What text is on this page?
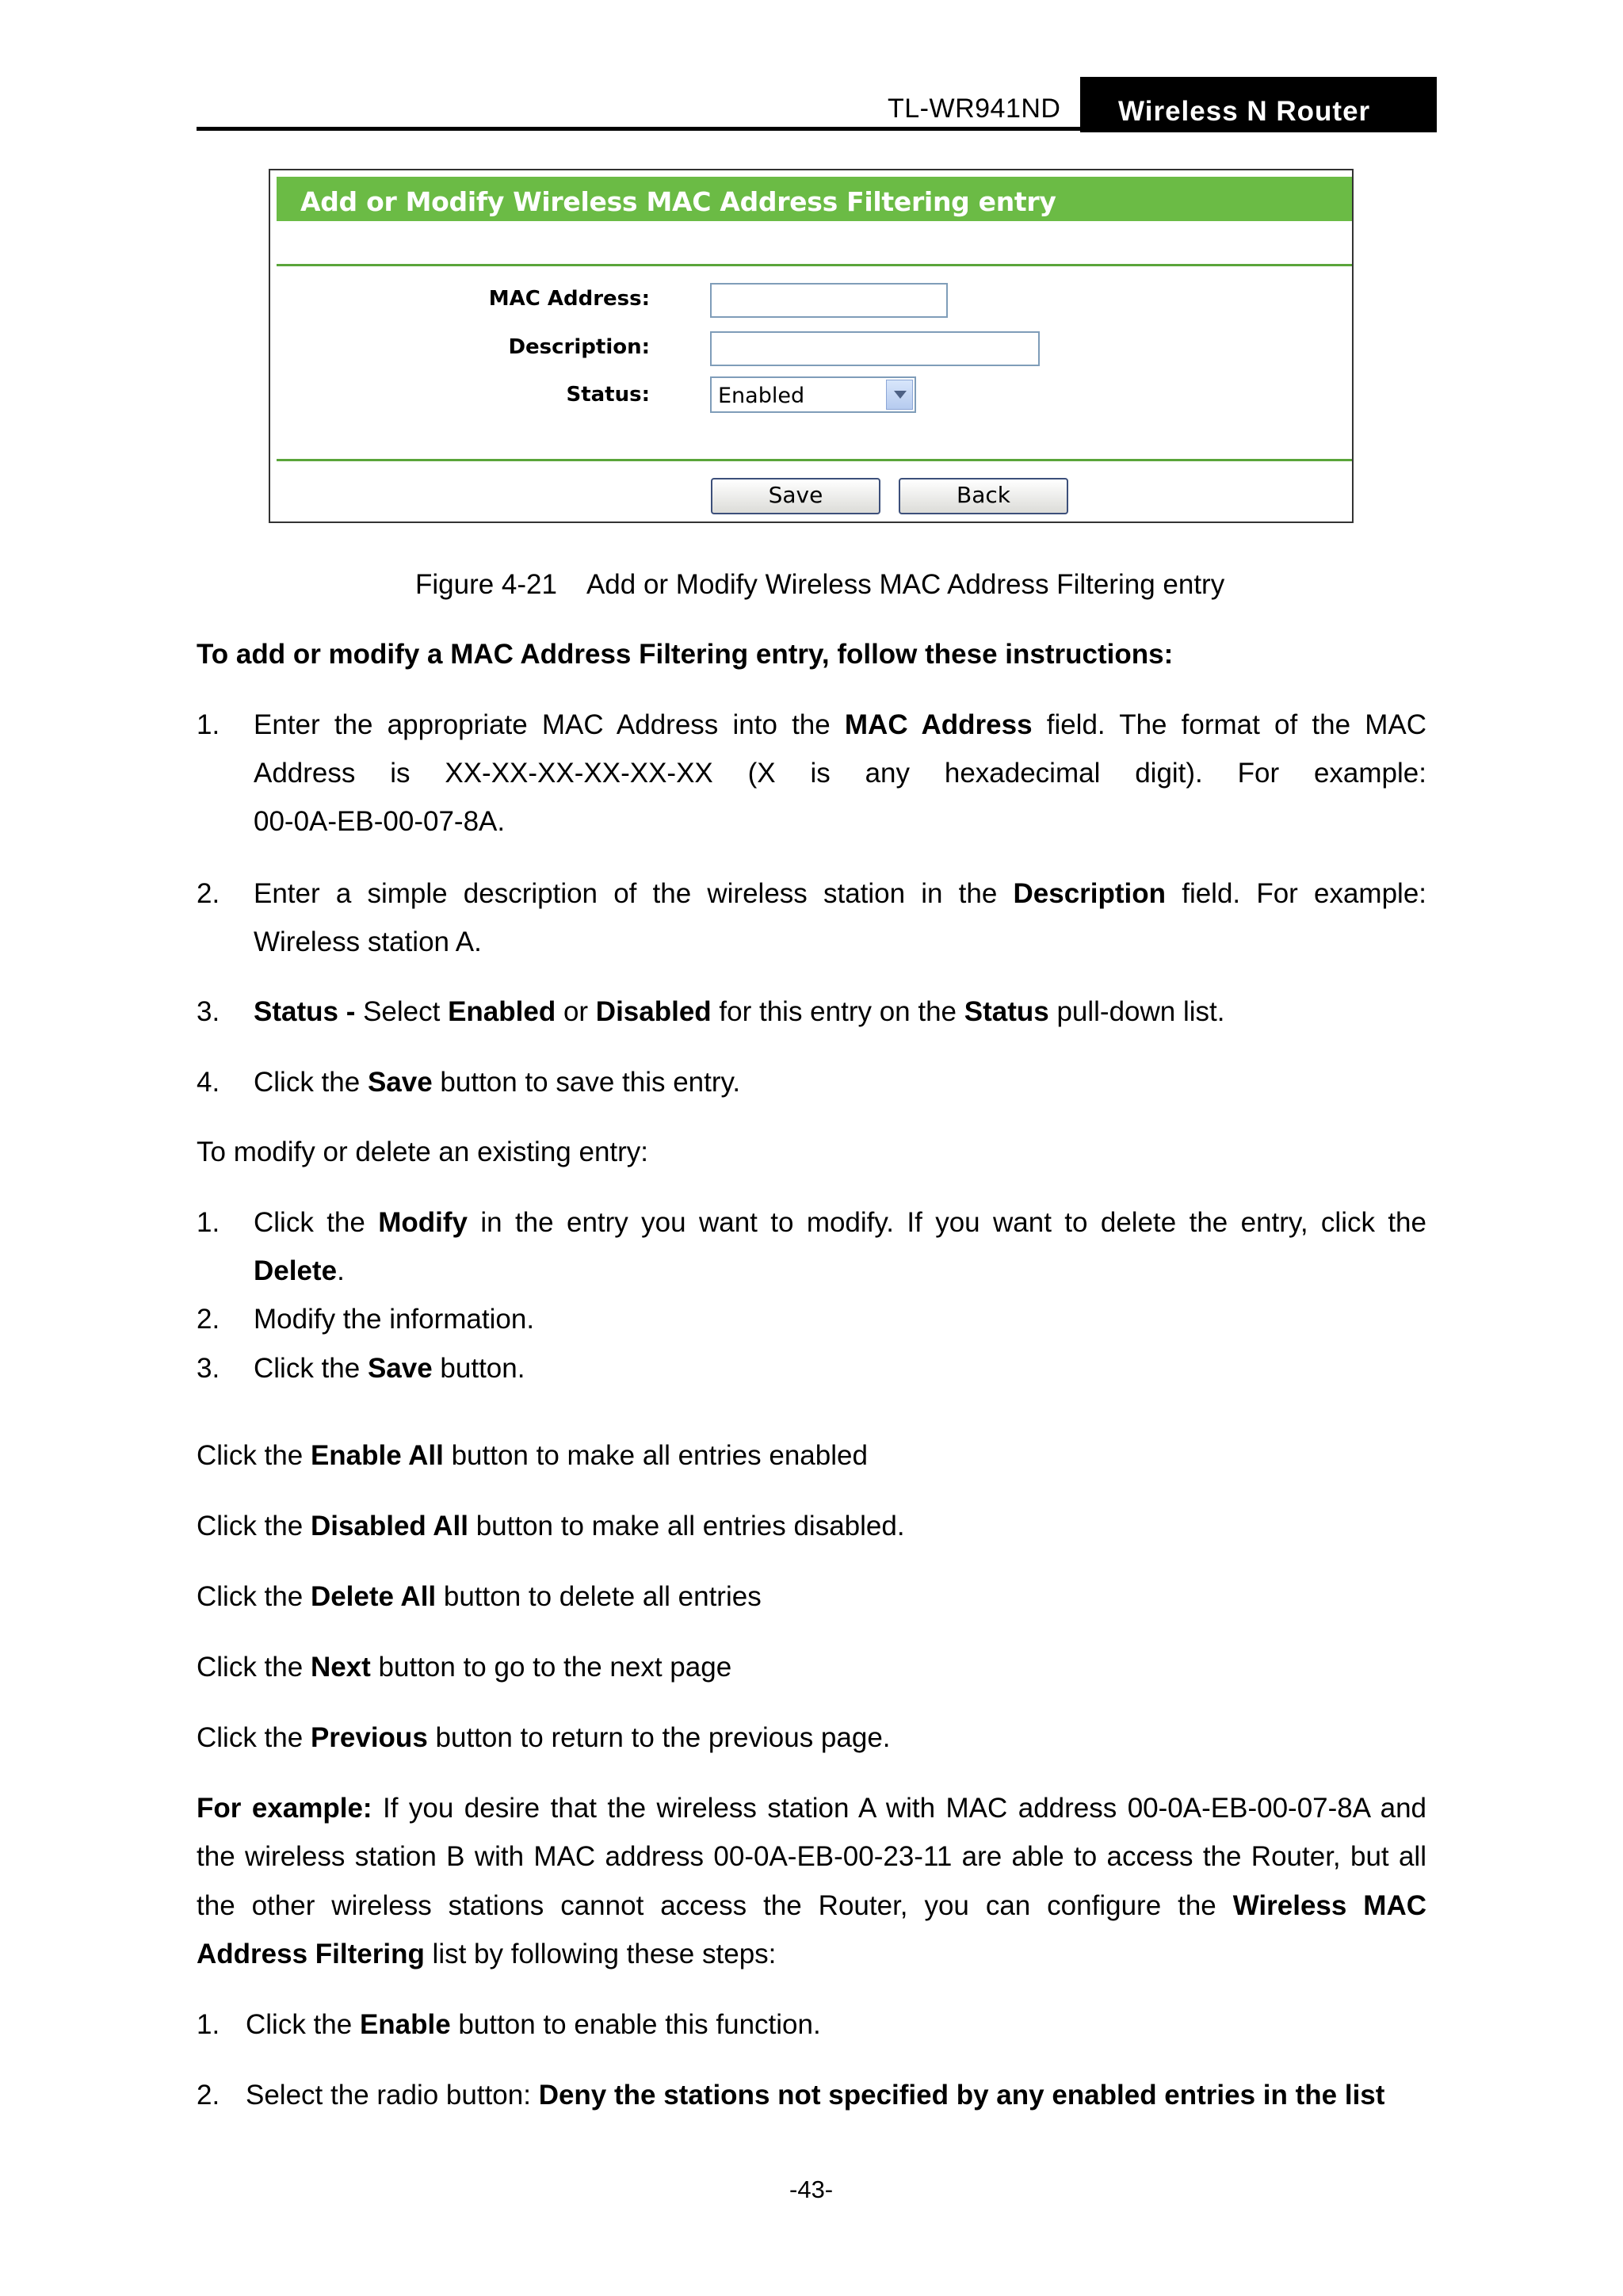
TL-WR941ND Wireless N Router
Add or Modify Wireless MAC Address Filtering entry
MAC Address:
Description:
Status:	Enabled
Save	Back
Figure 4-21    Add or Modify Wireless MAC Address Filtering entry
To add or modify a MAC Address Filtering entry, follow these instructions:
1. Enter the appropriate MAC Address into the MAC Address field. The format of the MAC
Address is XX-XX-XX-XX-XX-XX (X is any hexadecimal digit). For example:
00-0A-EB-00-07-8A.
2. Enter a simple description of the wireless station in the Description field. For example:
Wireless station A.
3. Status - Select Enabled or Disabled for this entry on the Status pull-down list.
4. Click the Save button to save this entry.
To modify or delete an existing entry:
1. Click the Modify in the entry you want to modify. If you want to delete the entry, click the
Delete.
2. Modify the information.
3. Click the Save button.
Click the Enable All button to make all entries enabled
Click the Disabled All button to make all entries disabled.
Click the Delete All button to delete all entries
Click the Next button to go to the next page
Click the Previous button to return to the previous page.
For example: If you desire that the wireless station A with MAC address 00-0A-EB-00-07-8A and
the wireless station B with MAC address 00-0A-EB-00-23-11 are able to access the Router, but all
the other wireless stations cannot access the Router, you can configure the Wireless MAC
Address Filtering list by following these steps:
1. Click the Enable button to enable this function.
2. Select the radio button: Deny the stations not specified by any enabled entries in the list
-43-
